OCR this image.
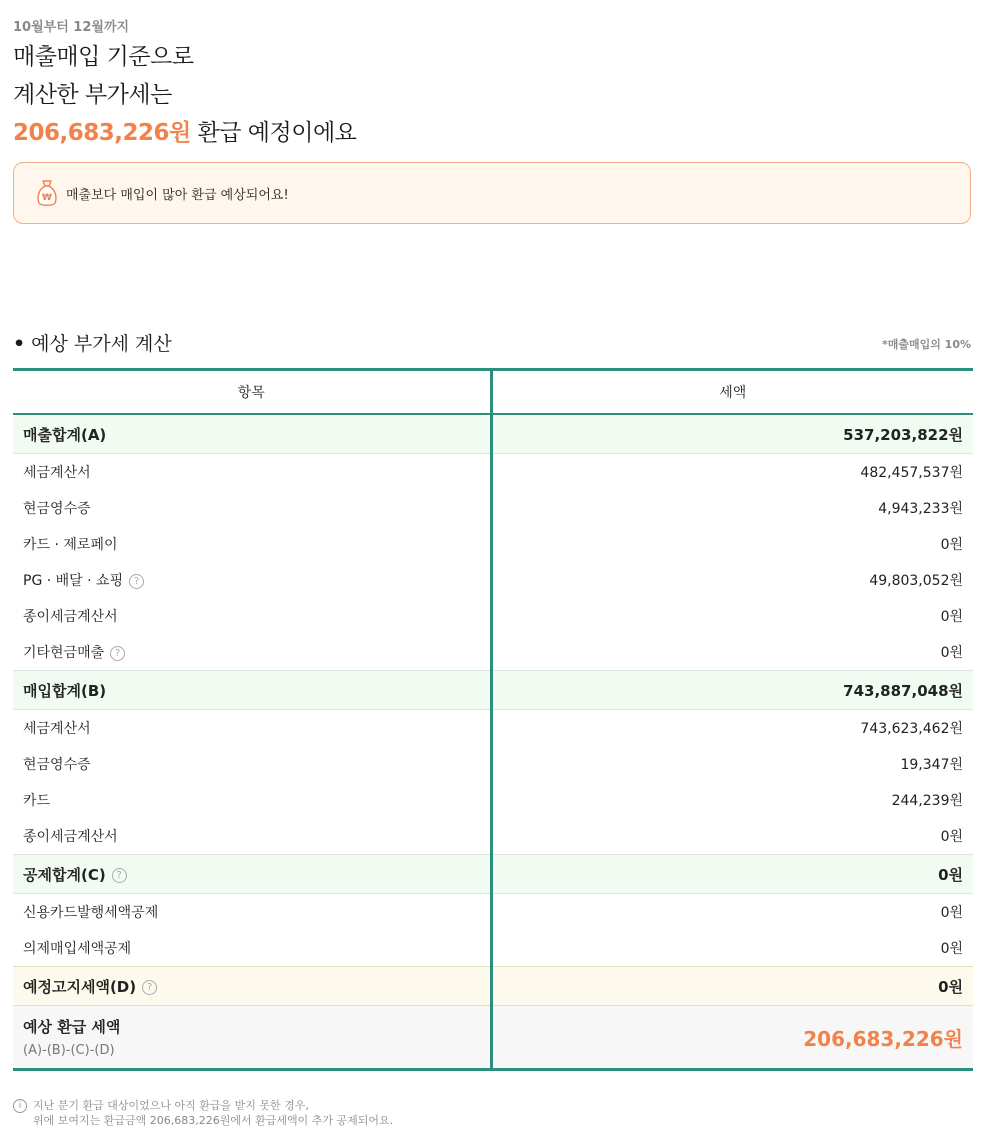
10월부터 12월까지
매출매입 기준으로
계산한 부가세는
206,683,226원 환급 예정이에요
₩ 매출보다 매입이 많아 환급 예상되어요!
• 예상 부가세 계산	*매출매입의 10%
항목	세액
매출합계(A)	537,203,822원
세금계산서	482,457,537원
현금영수증	4,943,233원
카드 · 제로페이	0원
PG · 배달 · 쇼핑 ?	49,803,052원
종이세금계산서	0원
기타현금매출 ?	0원
매입합계(B)	743,887,048원
세금계산서	743,623,462원
현금영수증	19,347원
카드	244,239원
종이세금계산서	0원
공제합계(C) ?	0원
신용카드발행세액공제	0원
의제매입세액공제	0원
예정고지세액(D) ?	0원

예상 환급 세액
(A)-(B)-(C)-(D)	206,683,226원
i 지난 분기 환급 대상이었으나 아직 환급을 받지 못한 경우,
위에 보여지는 환급금액 206,683,226원에서 환급세액이 추가 공제되어요.
